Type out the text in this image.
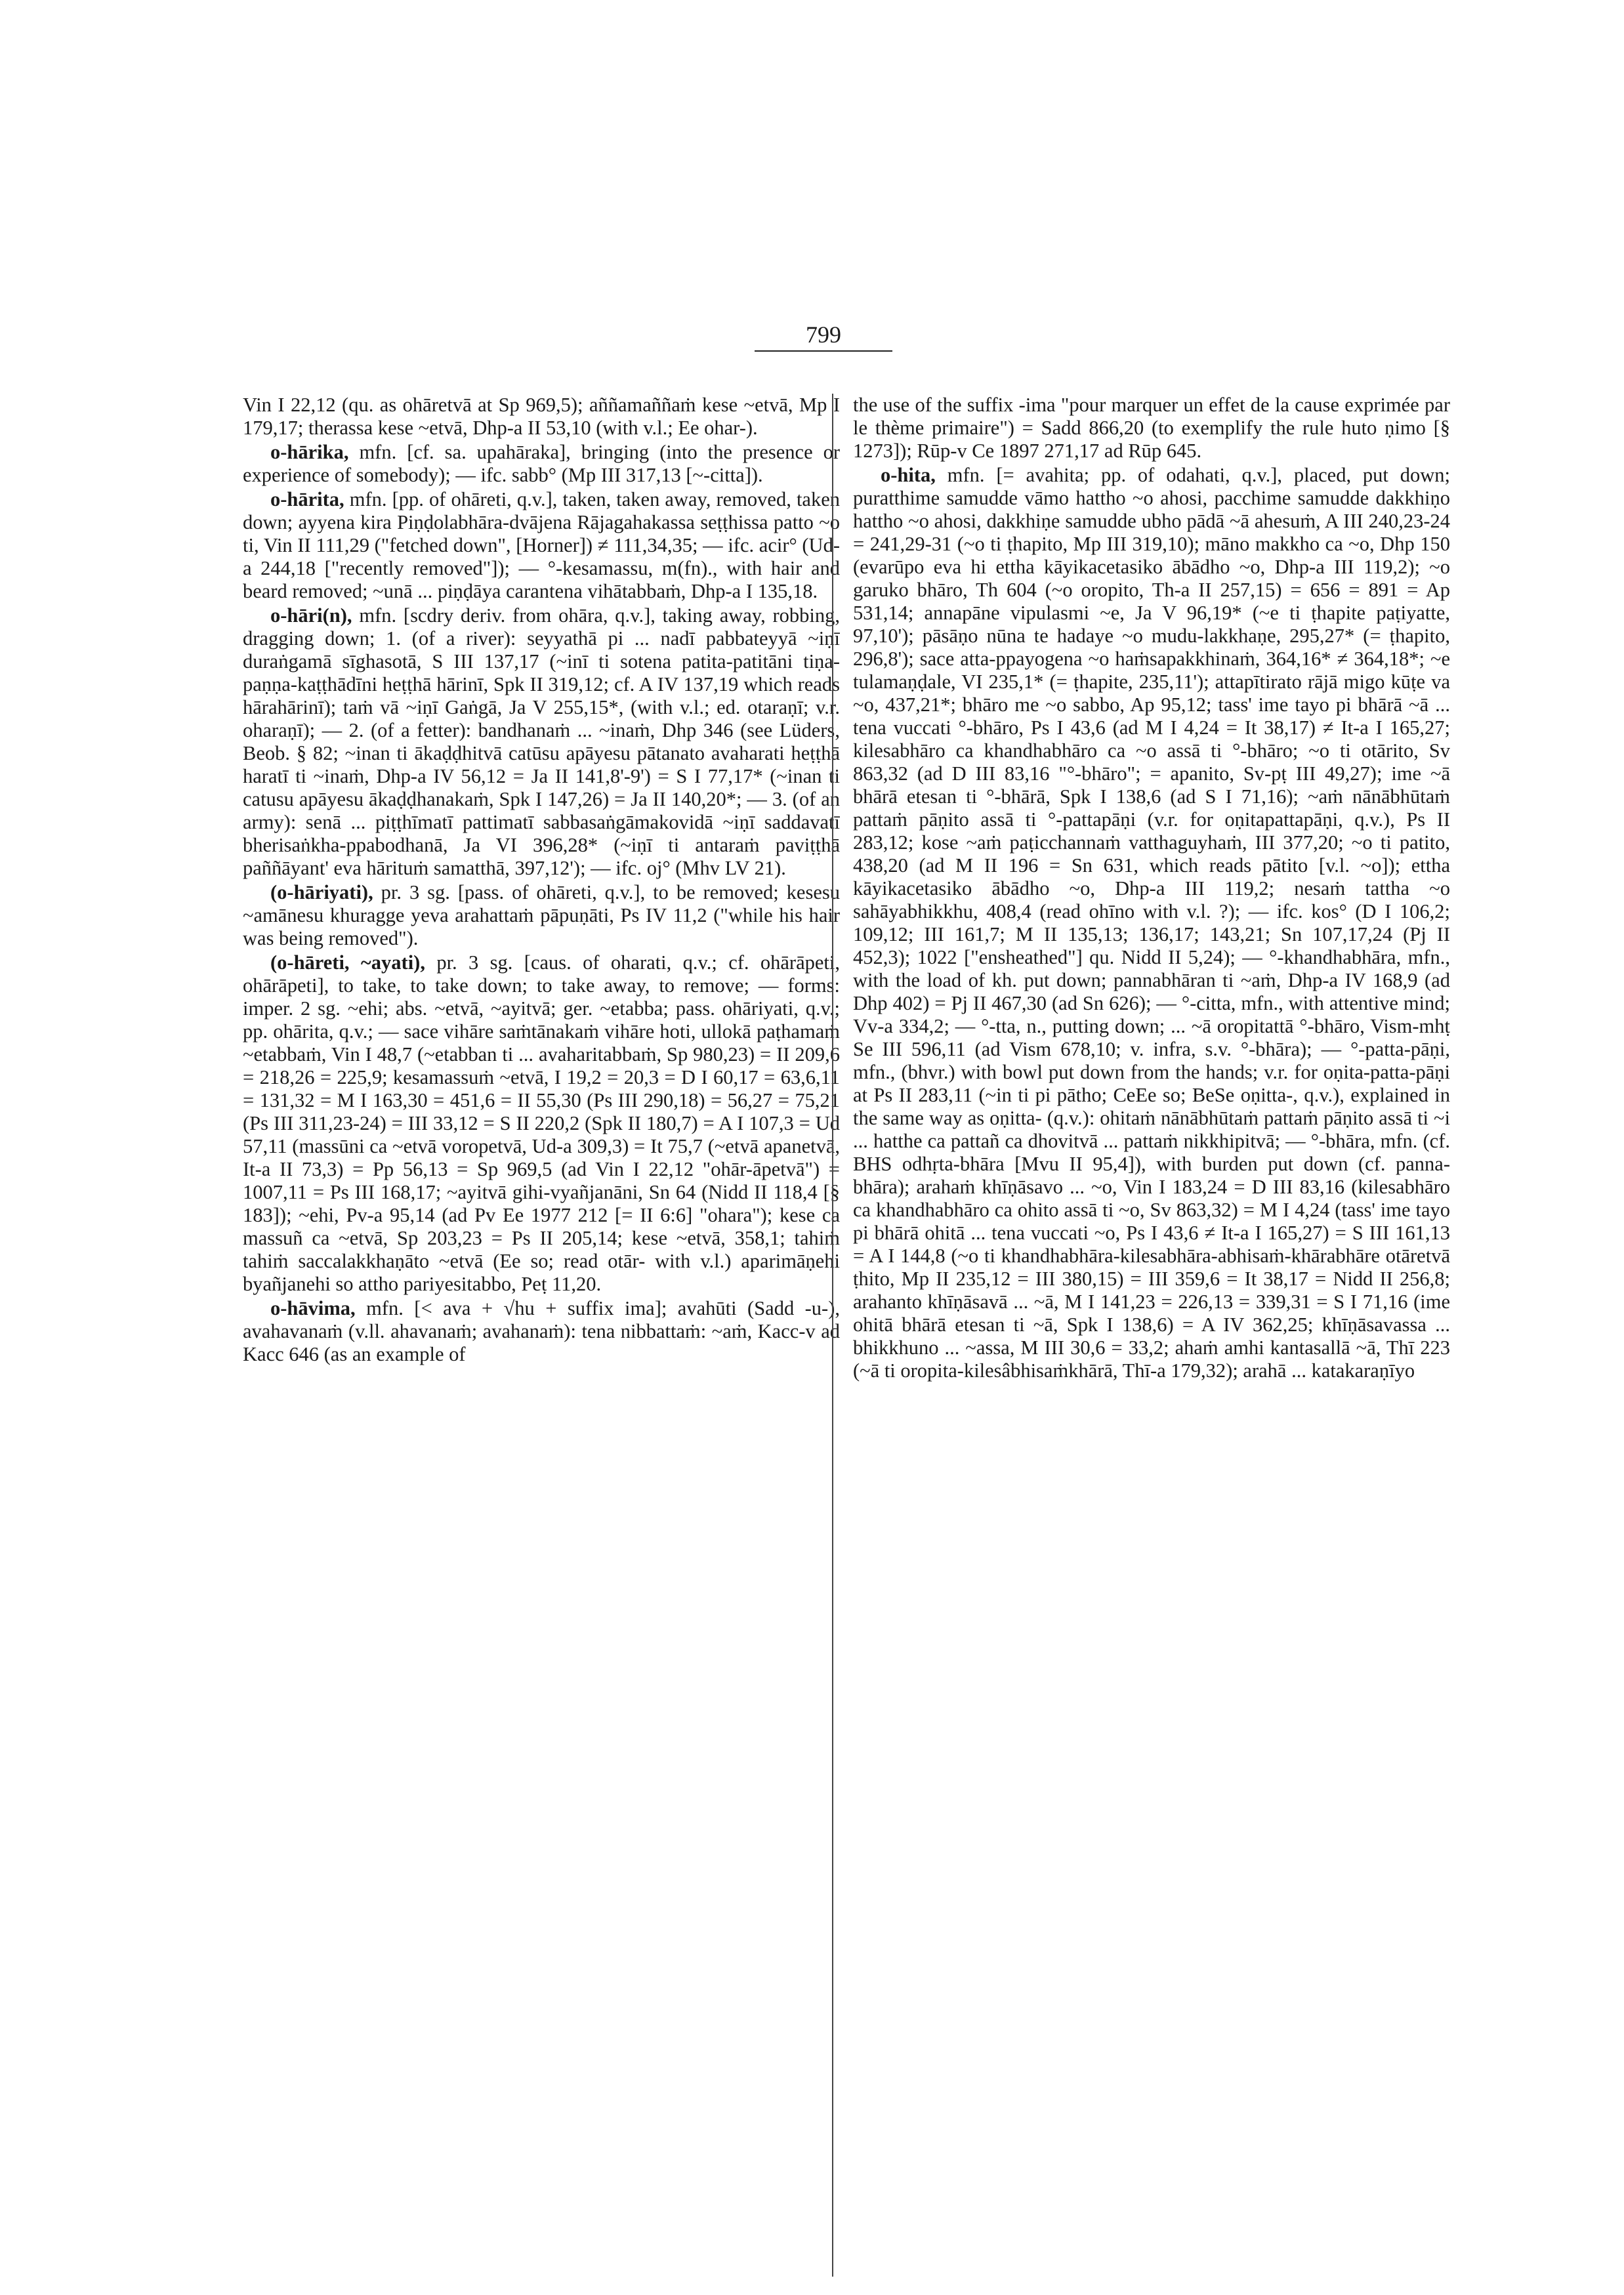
799

Vin I 22,12 (qu. as ohāretvā at Sp 969,5); aññamaññaṁ kese ~etvā, Mp I 179,17; therassa kese ~etvā, Dhp-a II 53,10 (with v.l.; Ee ohar-).

o-hārika, mfn. [cf. sa. upahāraka], bringing (into the presence or experience of somebody); — ifc. sabb° (Mp III 317,13 [~-citta]).

o-hārita, mfn. [pp. of ohāreti, q.v.], taken, taken away, removed, taken down; ayyena kira Piṇḍolabhāra-dvājena Rājagahakassa seṭṭhissa patto ~o ti, Vin II 111,29 ("fetched down", [Horner]) ≠ 111,34,35; — ifc. acir° (Ud-a 244,18 ["recently removed"]); — °-kesamassu, m(fn)., with hair and beard removed; ~unā ... piṇḍāya carantena vihātabbaṁ, Dhp-a I 135,18.

o-hāri(n), mfn. [scdry deriv. from ohāra, q.v.], taking away, robbing, dragging down; 1. (of a river): seyyathā pi ... nadī pabbateyyā ~iṇī duraṅgamā sīghasotā, S III 137,17 (~inī ti sotena patita-patitāni tiṇa-paṇṇa-kaṭṭhādīni heṭṭhā hārinī, Spk II 319,12; cf. A IV 137,19 which reads hārahārinī); taṁ vā ~iṇī Gaṅgā, Ja V 255,15*, (with v.l.; ed. otaraṇī; v.r. oharaṇī); — 2. (of a fetter): bandhanaṁ ... ~inaṁ, Dhp 346 (see Lüders, Beob. § 82; ~inan ti ākaḍḍhitvā catūsu apāyesu pātanato avaharati heṭṭhā haratī ti ~inaṁ, Dhp-a IV 56,12 = Ja II 141,8'-9') = S I 77,17* (~inan ti catusu apāyesu ākaḍḍhanakaṁ, Spk I 147,26) = Ja II 140,20*; — 3. (of an army): senā ... piṭṭhīmatī pattimatī sabbasaṅgāmakovidā ~iṇī saddavatī bherisaṅkha-ppabodhanā, Ja VI 396,28* (~iṇī ti antaraṁ paviṭṭhā paññāyant' eva hārituṁ samatthā, 397,12'); — ifc. oj° (Mhv LV 21).

(o-hāriyati), pr. 3 sg. [pass. of ohāreti, q.v.], to be removed; kesesu ~amānesu khuragge yeva arahattaṁ pāpuṇāti, Ps IV 11,2 ("while his hair was being removed").

(o-hāreti, ~ayati), pr. 3 sg. [caus. of oharati, q.v.; cf. ohārāpeti, ohārāpeti], to take, to take down; to take away, to remove; — forms: imper. 2 sg. ~ehi; abs. ~etvā, ~ayitvā; ger. ~etabba; pass. ohāriyati, q.v.; pp. ohārita, q.v.; — sace vihāre saṁtānakaṁ vihāre hoti, ullokā paṭhamaṁ ~etabbaṁ, Vin I 48,7 (~etabban ti ... avaharitabbaṁ, Sp 980,23) = II 209,6 = 218,26 = 225,9; kesamassuṁ ~etvā, I 19,2 = 20,3 = D I 60,17 = 63,6,11 = 131,32 = M I 163,30 = 451,6 = II 55,30 (Ps III 290,18) = 56,27 = 75,21 (Ps III 311,23-24) = III 33,12 = S II 220,2 (Spk II 180,7) = A I 107,3 = Ud 57,11 (massūni ca ~etvā voropetvā, Ud-a 309,3) = It 75,7 (~etvā apanetvā, It-a II 73,3) = Pp 56,13 = Sp 969,5 (ad Vin I 22,12 "ohār-āpetvā") = 1007,11 = Ps III 168,17; ~ayitvā gihi-vyañjanāni, Sn 64 (Nidd II 118,4 [§ 183]); ~ehi, Pv-a 95,14 (ad Pv Ee 1977 212 [= II 6:6] "ohara"); kese ca massuñ ca ~etvā, Sp 203,23 = Ps II 205,14; kese ~etvā, 358,1; tahiṁ tahiṁ saccalakkhaṇāto ~etvā (Ee so; read otār- with v.l.) aparimāṇehi byañjanehi so attho pariyesitabbo, Peṭ 11,20.

o-hāvima, mfn. [< ava + √hu + suffix ima]; avahūti (Sadd -u-), avahavanaṁ (v.ll. ahavanaṁ; avahanaṁ): tena nibbattaṁ: ~aṁ, Kacc-v ad Kacc 646 (as an example of

the use of the suffix -ima "pour marquer un effet de la cause exprimée par le thème primaire") = Sadd 866,20 (to exemplify the rule huto ṇimo [§ 1273]); Rūp-v Ce 1897 271,17 ad Rūp 645.

o-hita, mfn. [= avahita; pp. of odahati, q.v.], placed, put down; puratthime samudde vāmo hattho ~o ahosi, pacchime samudde dakkhiṇo hattho ~o ahosi, dakkhiṇe samudde ubho pādā ~ā ahesuṁ, A III 240,23-24 = 241,29-31 (~o ti ṭhapito, Mp III 319,10); māno makkho ca ~o, Dhp 150 (evarūpo eva hi ettha kāyikacetasiko ābādho ~o, Dhp-a III 119,2); ~o garuko bhāro, Th 604 (~o oropito, Th-a II 257,15) = 656 = 891 = Ap 531,14; annapāne vipulasmi ~e, Ja V 96,19* (~e ti ṭhapite paṭiyatte, 97,10'); pāsāṇo nūna te hadaye ~o mudu-lakkhaṇe, 295,27* (= ṭhapito, 296,8'); sace atta-ppayogena ~o haṁsapakkhinaṁ, 364,16* ≠ 364,18*; ~e tulamaṇḍale, VI 235,1* (= ṭhapite, 235,11'); attapītirato rājā migo kūṭe va ~o, 437,21*; bhāro me ~o sabbo, Ap 95,12; tass' ime tayo pi bhārā ~ā ... tena vuccati °-bhāro, Ps I 43,6 (ad M I 4,24 = It 38,17) ≠ It-a I 165,27; kilesabhāro ca khandhabhāro ca ~o assā ti °-bhāro; ~o ti otārito, Sv 863,32 (ad D III 83,16 "°-bhāro"; = apanito, Sv-pṭ III 49,27); ime ~ā bhārā etesan ti °-bhārā, Spk I 138,6 (ad S I 71,16); ~aṁ nānābhūtaṁ pattaṁ pāṇito assā ti °-pattapāṇi (v.r. for oṇitapattapāṇi, q.v.), Ps II 283,12; kose ~aṁ paṭicchannaṁ vatthaguyhaṁ, III 377,20; ~o ti patito, 438,20 (ad M II 196 = Sn 631, which reads pātito [v.l. ~o]); ettha kāyikacetasiko ābādho ~o, Dhp-a III 119,2; nesaṁ tattha ~o sahāyabhikkhu, 408,4 (read ohīno with v.l. ?); — ifc. kos° (D I 106,2; 109,12; III 161,7; M II 135,13; 136,17; 143,21; Sn 107,17,24 (Pj II 452,3); 1022 ["ensheathed"] qu. Nidd II 5,24); — °-khandhabhāra, mfn., with the load of kh. put down; pannabhāran ti ~aṁ, Dhp-a IV 168,9 (ad Dhp 402) = Pj II 467,30 (ad Sn 626); — °-citta, mfn., with attentive mind; Vv-a 334,2; — °-tta, n., putting down; ... ~ā oropitattā °-bhāro, Vism-mhṭ Se III 596,11 (ad Vism 678,10; v. infra, s.v. °-bhāra); — °-patta-pāṇi, mfn., (bhvr.) with bowl put down from the hands; v.r. for oṇita-patta-pāṇi at Ps II 283,11 (~in ti pi pātho; CeEe so; BeSe oṇitta-, q.v.), explained in the same way as oṇitta- (q.v.): ohitaṁ nānābhūtaṁ pattaṁ pāṇito assā ti ~i ... hatthe ca pattañ ca dhovitvā ... pattaṁ nikkhipitvā; — °-bhāra, mfn. (cf. BHS odhṛta-bhāra [Mvu II 95,4]), with burden put down (cf. panna-bhāra); arahaṁ khīṇāsavo ... ~o, Vin I 183,24 = D III 83,16 (kilesabhāro ca khandhabhāro ca ohito assā ti ~o, Sv 863,32) = M I 4,24 (tass' ime tayo pi bhārā ohitā ... tena vuccati ~o, Ps I 43,6 ≠ It-a I 165,27) = S III 161,13 = A I 144,8 (~o ti khandhabhāra-kilesabhāra-abhisaṁ-khārabhāre otāretvā ṭhito, Mp II 235,12 = III 380,15) = III 359,6 = It 38,17 = Nidd II 256,8; arahanto khīṇāsavā ... ~ā, M I 141,23 = 226,13 = 339,31 = S I 71,16 (ime ohitā bhārā etesan ti ~ā, Spk I 138,6) = A IV 362,25; khīṇāsavassa ... bhikkhuno ... ~assa, M III 30,6 = 33,2; ahaṁ amhi kantasallā ~ā, Thī 223 (~ā ti oropita-kilesâbhisaṁkhārā, Thī-a 179,32); arahā ... katakaraṇīyo
